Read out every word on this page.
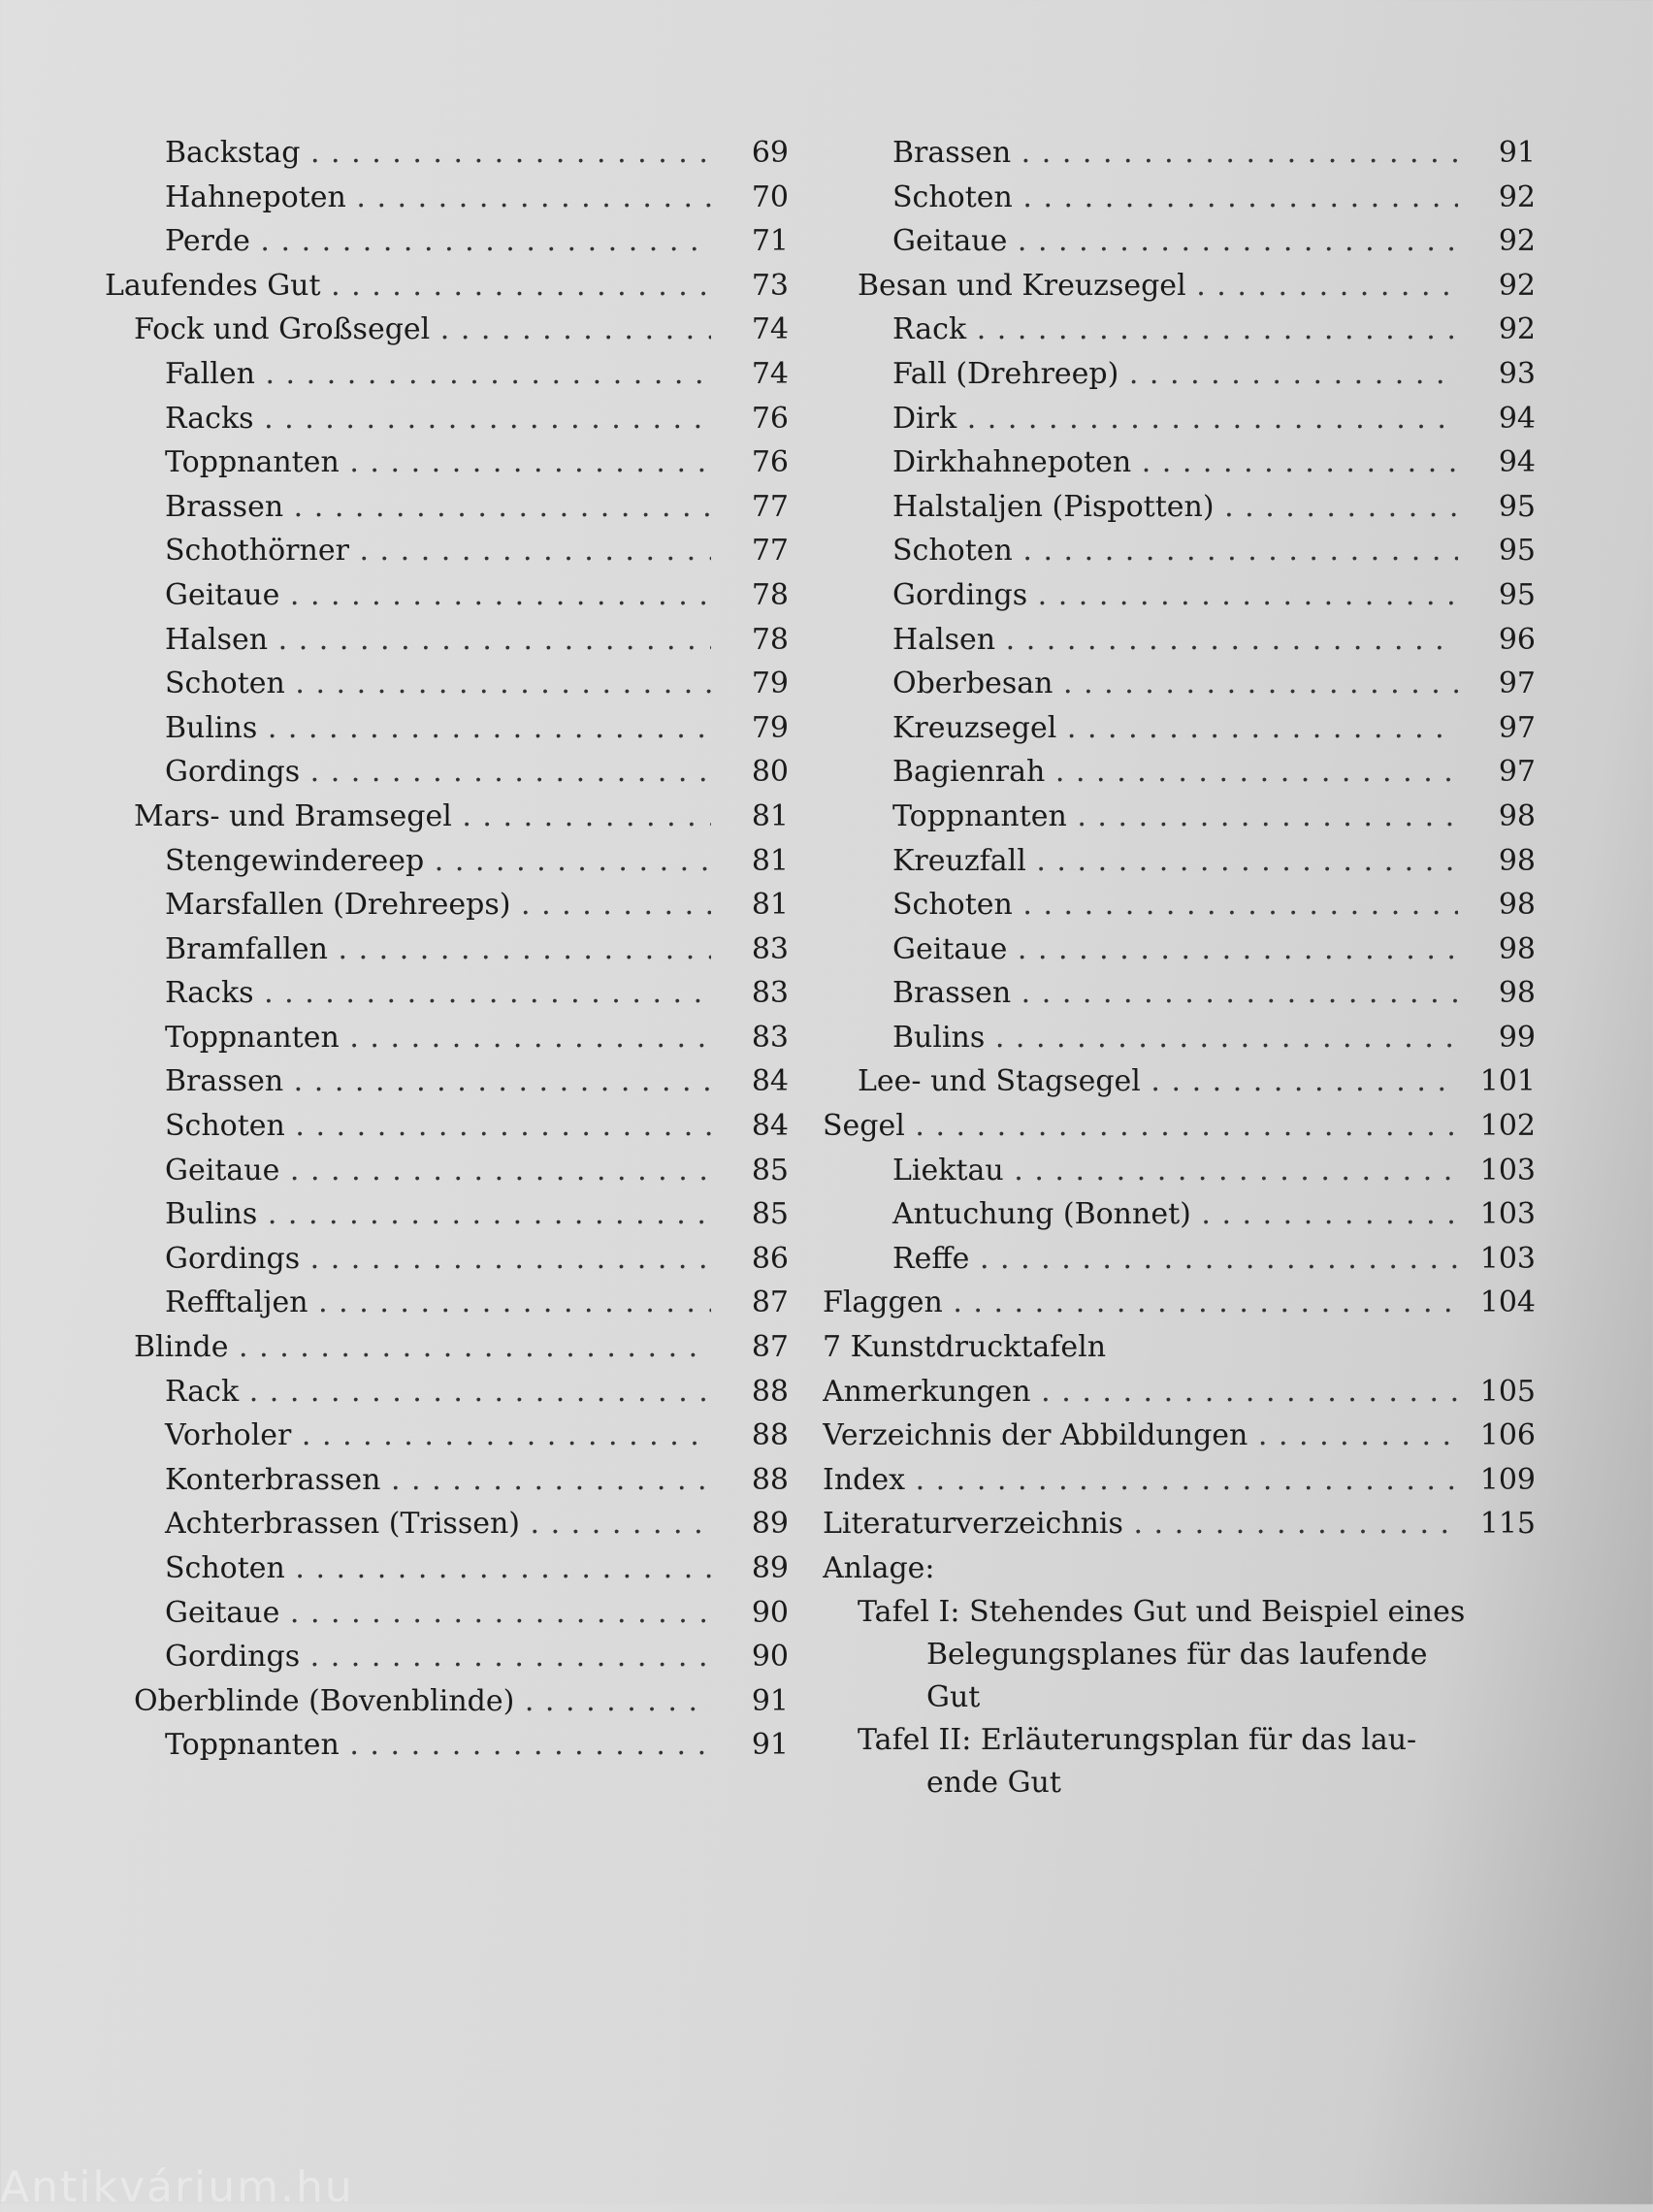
Backstag . . .	69
Hahnepoten . . .	70
Perde . . .	71
Laufendes Gut . . .	73
Fock und Großsegel . . .	74
Fallen . . .	74
Racks . . .	76
Toppnanten . . .	76
Brassen . . .	77
Schothörner . . .	77
Geitaue . . .	78
Halsen . . .	78
Schoten . . .	79
Bulins . . .	79
Gordings . . .	80
Mars- und Bramsegel . . .	81
Stengewindereep . . .	81
Marsfallen (Drehreeps) . . .	81
Bramfallen . . .	83
Racks . . .	83
Toppnanten . . .	83
Brassen . . .	84
Schoten . . .	84
Geitaue . . .	85
Bulins . . .	85
Gordings . . .	86
Refftaljen . . .	87
Blinde . . .	87
Rack . . .	88
Vorholer . . .	88
Konterbrassen . . .	88
Achterbrassen (Trissen) . . .	89
Schoten . . .	89
Geitaue . . .	90
Gordings . . .	90
Oberblinde (Bovenblinde) . . .	91
Toppnanten . . .	91
Brassen . . .	91
Schoten . . .	92
Geitaue . . .	92
Besan und Kreuzsegel . . .	92
Rack . . .	92
Fall (Drehreep) . . .	93
Dirk . . .	94
Dirkhahnepoten . . .	94
Halstaljen (Pispotten) . . .	95
Schoten . . .	95
Gordings . . .	95
Halsen . . .	96
Oberbesan . . .	97
Kreuzsegel . . .	97
Bagienrah . . .	97
Toppnanten . . .	98
Kreuzfall . . .	98
Schoten . . .	98
Geitaue . . .	98
Brassen . . .	98
Bulins . . .	99
Lee- und Stagsegel . . .	101
Segel . . .	102
Liektau . . .	103
Antuchung (Bonnet) . . .	103
Reffe . . .	103
Flaggen . . .	104
7 Kunstdrucktafeln
Anmerkungen . . .	105
Verzeichnis der Abbildungen . . .	106
Index . . .	109
Literaturverzeichnis . . .	115
Anlage:
Tafel I: Stehendes Gut und Beispiel eines
Belegungsplanes für das laufende Gut
Tafel II: Erläuterungsplan für das lau-
ende Gut
Antikvárium.hu
